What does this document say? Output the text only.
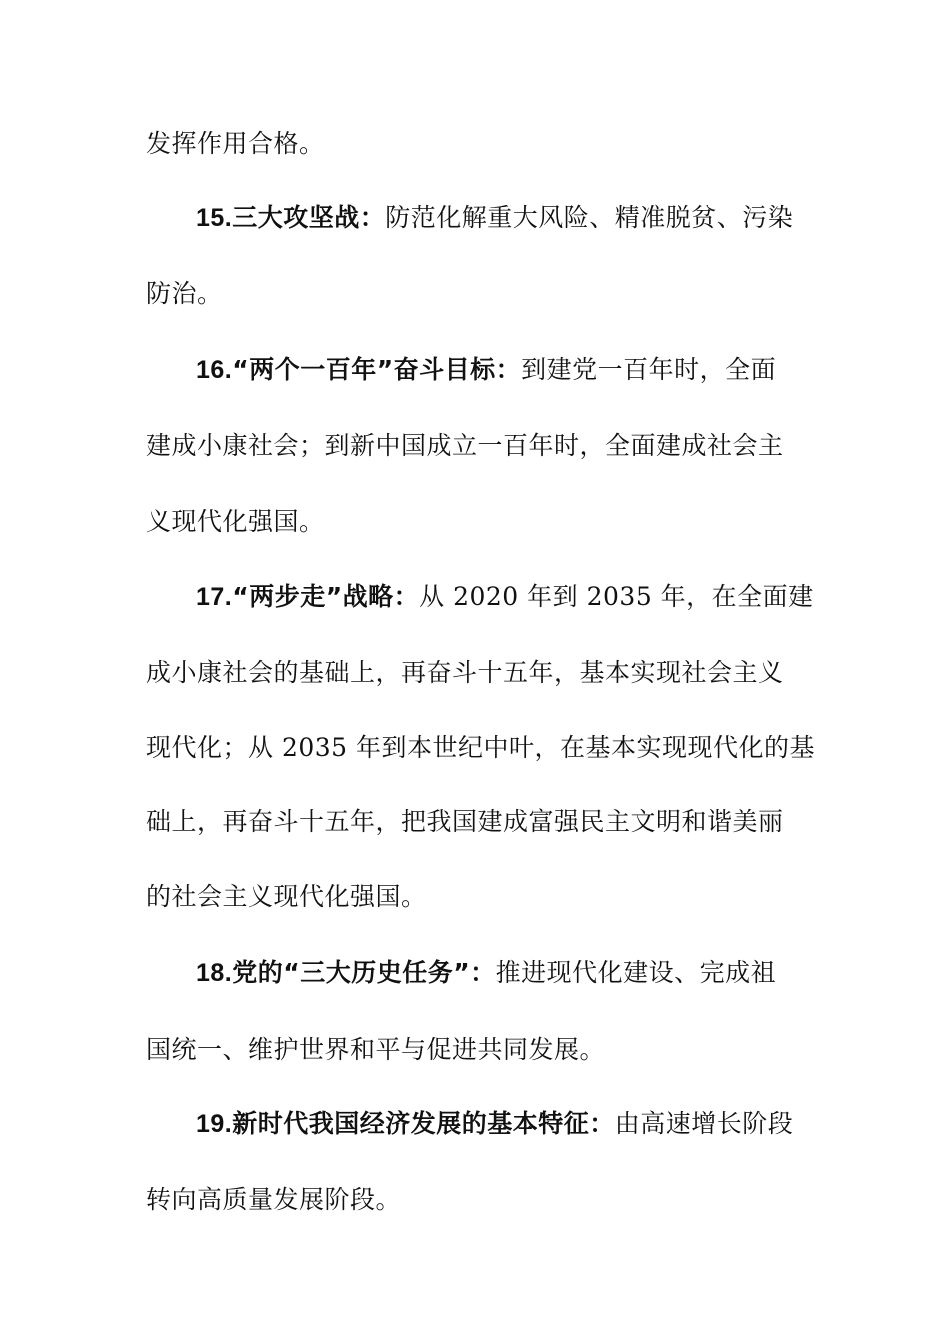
发挥作用合格。
15.三大攻坚战：防范化解重大风险、精准脱贫、污染
防治。
16.“两个一百年”奋斗目标：到建党一百年时，全面
建成小康社会；到新中国成立一百年时，全面建成社会主
义现代化强国。
17.“两步走”战略：从 2020 年到 2035 年，在全面建
成小康社会的基础上，再奋斗十五年，基本实现社会主义
现代化；从 2035 年到本世纪中叶，在基本实现现代化的基
础上，再奋斗十五年，把我国建成富强民主文明和谐美丽
的社会主义现代化强国。
18.党的“三大历史任务”：推进现代化建设、完成祖
国统一、维护世界和平与促进共同发展。
19.新时代我国经济发展的基本特征：由高速增长阶段
转向高质量发展阶段。
